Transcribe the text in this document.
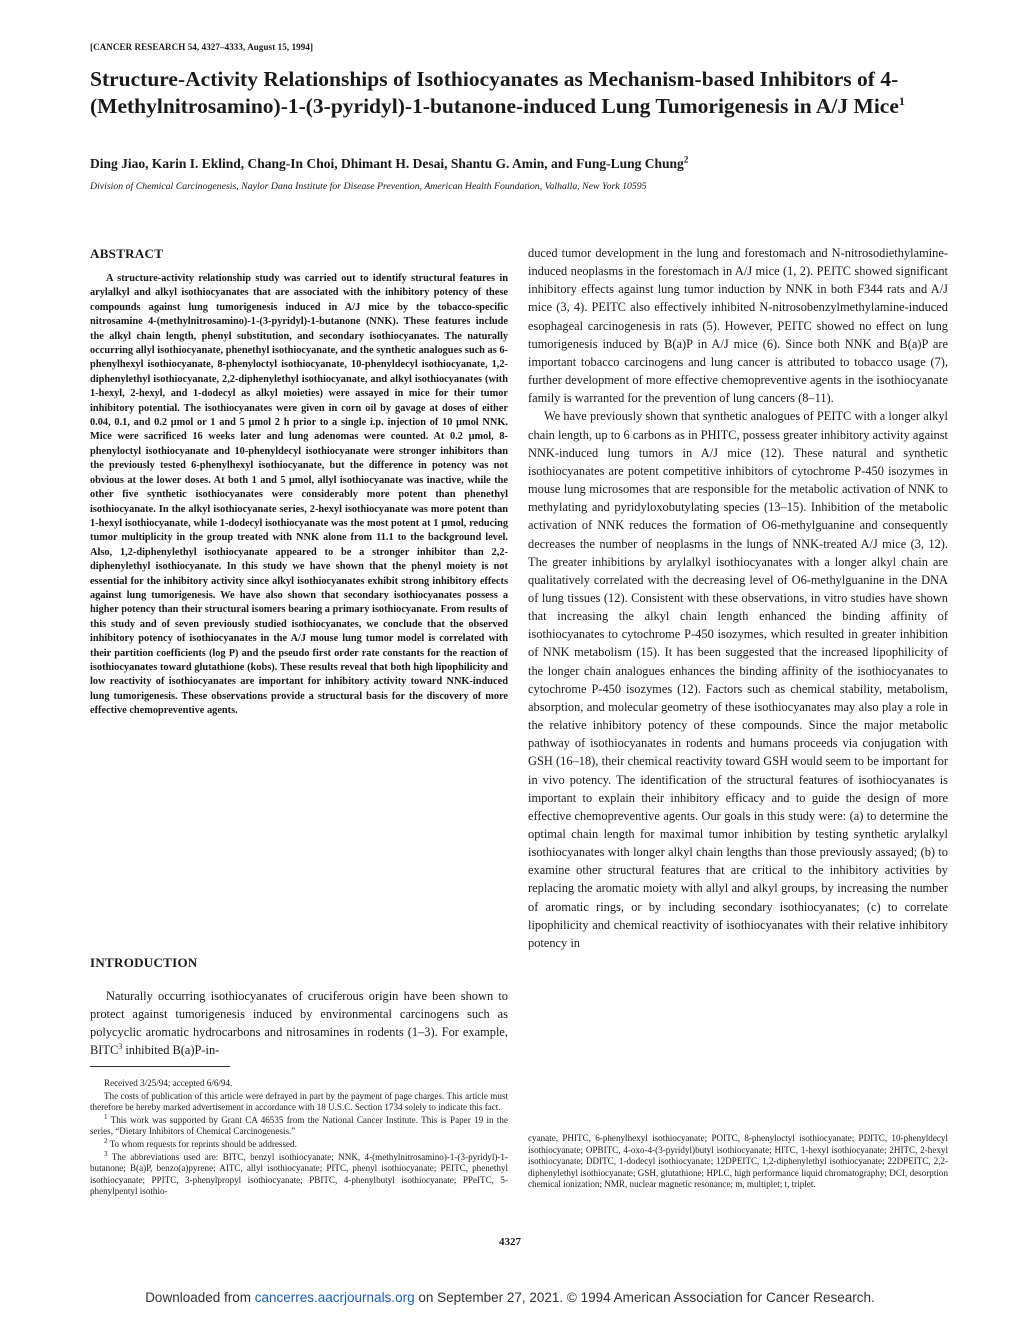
[CANCER RESEARCH 54, 4327–4333, August 15, 1994]
Structure-Activity Relationships of Isothiocyanates as Mechanism-based Inhibitors of 4-(Methylnitrosamino)-1-(3-pyridyl)-1-butanone-induced Lung Tumorigenesis in A/J Mice$^1$
Ding Jiao, Karin I. Eklind, Chang-In Choi, Dhimant H. Desai, Shantu G. Amin, and Fung-Lung Chung$^2$
Division of Chemical Carcinogenesis, Naylor Dana Institute for Disease Prevention, American Health Foundation, Valhalla, New York 10595
ABSTRACT

A structure-activity relationship study was carried out to identify structural features in arylalkyl and alkyl isothiocyanates that are associated with the inhibitory potency of these compounds against lung tumorigenesis induced in A/J mice by the tobacco-specific nitrosamine 4-(methylnitrosamino)-1-(3-pyridyl)-1-butanone (NNK). These features include the alkyl chain length, phenyl substitution, and secondary isothiocyanates. The naturally occurring allyl isothiocyanate, phenethyl isothiocyanate, and the synthetic analogues such as 6-phenylhexyl isothiocyanate, 8-phenyloctyl isothiocyanate, 10-phenyldecyl isothiocyanate, 1,2-diphenylethyl isothiocyanate, 2,2-diphenylethyl isothiocyanate, and alkyl isothiocyanates (with 1-hexyl, 2-hexyl, and 1-dodecyl as alkyl moieties) were assayed in mice for their tumor inhibitory potential. The isothiocyanates were given in corn oil by gavage at doses of either 0.04, 0.1, and 0.2 μmol or 1 and 5 μmol 2 h prior to a single i.p. injection of 10 μmol NNK. Mice were sacrificed 16 weeks later and lung adenomas were counted. At 0.2 μmol, 8-phenyloctyl isothiocyanate and 10-phenyldecyl isothiocyanate were stronger inhibitors than the previously tested 6-phenylhexyl isothiocyanate, but the difference in potency was not obvious at the lower doses. At both 1 and 5 μmol, allyl isothiocyanate was inactive, while the other five synthetic isothiocyanates were considerably more potent than phenethyl isothiocyanate. In the alkyl isothiocyanate series, 2-hexyl isothiocyanate was more potent than 1-hexyl isothiocyanate, while 1-dodecyl isothiocyanate was the most potent at 1 μmol, reducing tumor multiplicity in the group treated with NNK alone from 11.1 to the background level. Also, 1,2-diphenylethyl isothiocyanate appeared to be a stronger inhibitor than 2,2-diphenylethyl isothiocyanate. In this study we have shown that the phenyl moiety is not essential for the inhibitory activity since alkyl isothiocyanates exhibit strong inhibitory effects against lung tumorigenesis. We have also shown that secondary isothiocyanates possess a higher potency than their structural isomers bearing a primary isothiocyanate. From results of this study and of seven previously studied isothiocyanates, we conclude that the observed inhibitory potency of isothiocyanates in the A/J mouse lung tumor model is correlated with their partition coefficients (log P) and the pseudo first order rate constants for the reaction of isothiocyanates toward glutathione (kobs). These results reveal that both high lipophilicity and low reactivity of isothiocyanates are important for inhibitory activity toward NNK-induced lung tumorigenesis. These observations provide a structural basis for the discovery of more effective chemopreventive agents.

INTRODUCTION

Naturally occurring isothiocyanates of cruciferous origin have been shown to protect against tumorigenesis induced by environmental carcinogens such as polycyclic aromatic hydrocarbons and nitrosamines in rodents (1–3). For example, BITC$^3$ inhibited B(a)P-in-

Received 3/25/94; accepted 6/6/94.

The costs of publication of this article were defrayed in part by the payment of page charges. This article must therefore be hereby marked advertisement in accordance with 18 U.S.C. Section 1734 solely to indicate this fact.

$^1$ This work was supported by Grant CA 46535 from the National Cancer Institute. This is Paper 19 in the series, “Dietary Inhibitors of Chemical Carcinogenesis.”

$^2$ To whom requests for reprints should be addressed.

$^3$ The abbreviations used are: BITC, benzyl isothiocyanate; NNK, 4-(methylnitrosamino)-1-(3-pyridyl)-1-butanone; B(a)P, benzo(a)pyrene; AITC, allyl isothiocyanate; PITC, phenyl isothiocyanate; PEITC, phenethyl isothiocyanate; PPITC, 3-phenylpropyl isothiocyanate; PBITC, 4-phenylbutyl isothiocyanate; PPeITC, 5-phenylpentyl isothio-

duced tumor development in the lung and forestomach and N-nitrosodiethylamine-induced neoplasms in the forestomach in A/J mice (1, 2). PEITC showed significant inhibitory effects against lung tumor induction by NNK in both F344 rats and A/J mice (3, 4). PEITC also effectively inhibited N-nitrosobenzylmethylamine-induced esophageal carcinogenesis in rats (5). However, PEITC showed no effect on lung tumorigenesis induced by B(a)P in A/J mice (6). Since both NNK and B(a)P are important tobacco carcinogens and lung cancer is attributed to tobacco usage (7), further development of more effective chemopreventive agents in the isothiocyanate family is warranted for the prevention of lung cancers (8–11).

We have previously shown that synthetic analogues of PEITC with a longer alkyl chain length, up to 6 carbons as in PHITC, possess greater inhibitory activity against NNK-induced lung tumors in A/J mice (12). These natural and synthetic isothiocyanates are potent competitive inhibitors of cytochrome P-450 isozymes in mouse lung microsomes that are responsible for the metabolic activation of NNK to methylating and pyridyloxobutylating species (13–15). Inhibition of the metabolic activation of NNK reduces the formation of O6-methylguanine and consequently decreases the number of neoplasms in the lungs of NNK-treated A/J mice (3, 12). The greater inhibitions by arylalkyl isothiocyanates with a longer alkyl chain are qualitatively correlated with the decreasing level of O6-methylguanine in the DNA of lung tissues (12). Consistent with these observations, in vitro studies have shown that increasing the alkyl chain length enhanced the binding affinity of isothiocyanates to cytochrome P-450 isozymes, which resulted in greater inhibition of NNK metabolism (15). It has been suggested that the increased lipophilicity of the longer chain analogues enhances the binding affinity of the isothiocyanates to cytochrome P-450 isozymes (12). Factors such as chemical stability, metabolism, absorption, and molecular geometry of these isothiocyanates may also play a role in the relative inhibitory potency of these compounds. Since the major metabolic pathway of isothiocyanates in rodents and humans proceeds via conjugation with GSH (16–18), their chemical reactivity toward GSH would seem to be important for in vivo potency. The identification of the structural features of isothiocyanates is important to explain their inhibitory efficacy and to guide the design of more effective chemopreventive agents. Our goals in this study were: (a) to determine the optimal chain length for maximal tumor inhibition by testing synthetic arylalkyl isothiocyanates with longer alkyl chain lengths than those previously assayed; (b) to examine other structural features that are critical to the inhibitory activities by replacing the aromatic moiety with allyl and alkyl groups, by increasing the number of aromatic rings, or by including secondary isothiocyanates; (c) to correlate lipophilicity and chemical reactivity of isothiocyanates with their relative inhibitory potency in

cyanate, PHITC, 6-phenylhexyl isothiocyanate; POITC, 8-phenyloctyl isothiocyanate; PDITC, 10-phenyldecyl isothiocyanate; OPBITC, 4-oxo-4-(3-pyridyl)butyl isothiocyanate; HITC, 1-hexyl isothiocyanate; 2HITC, 2-hexyl isothiocyanate; DDITC, 1-dodecyl isothiocyanate; 12DPEITC, 1,2-diphenylethyl isothiocyanate; 22DPEITC, 2,2-diphenylethyl isothiocyanate; GSH, glutathione; HPLC, high performance liquid chromatography; DCI, desorption chemical ionization; NMR, nuclear magnetic resonance; m, multiplet; t, triplet.

4327
Downloaded from cancerres.aacrjournals.org on September 27, 2021. © 1994 American Association for Cancer Research.
